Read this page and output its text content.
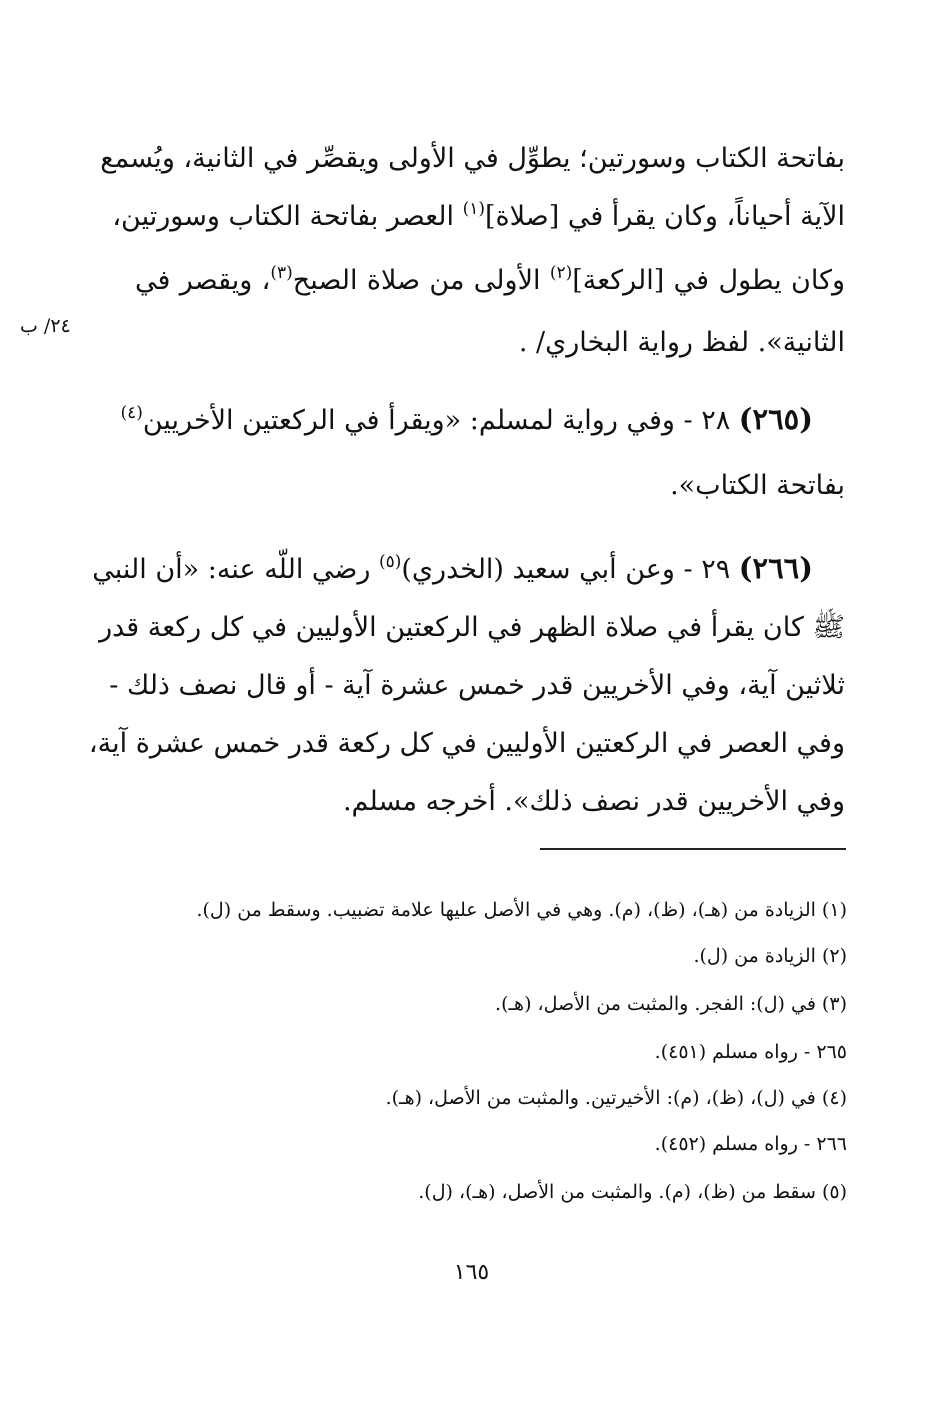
٢٤/ ب
بفاتحة الكتاب وسورتين؛ يطوِّل في الأولى ويقصِّر في الثانية، ويُسمع
الآية أحياناً، وكان يقرأ في [صلاة]$^{(١)}$ العصر بفاتحة الكتاب وسورتين،
وكان يطول في [الركعة]$^{(٢)}$ الأولى من صلاة الصبح$^{(٣)}$، ويقصر في
الثانية». لفظ رواية البخاري/ .
(٢٦٥) ٢٨ - وفي رواية لمسلم: «ويقرأ في الركعتين الأخريين$^{(٤)}$
بفاتحة الكتاب».
(٢٦٦) ٢٩ - وعن أبي سعيد (الخدري)$^{(٥)}$ رضي اللّه عنه: «أن النبي
ﷺ كان يقرأ في صلاة الظهر في الركعتين الأوليين في كل ركعة قدر
ثلاثين آية، وفي الأخريين قدر خمس عشرة آية - أو قال نصف ذلك -
وفي العصر في الركعتين الأوليين في كل ركعة قدر خمس عشرة آية،
وفي الأخريين قدر نصف ذلك». أخرجه مسلم.
(١) الزيادة من (هـ)، (ظ)، (م). وهي في الأصل عليها علامة تضبيب. وسقط من (ل).
(٢) الزيادة من (ل).
(٣) في (ل): الفجر. والمثبت من الأصل، (هـ).
٢٦٥ - رواه مسلم (٤٥١).
(٤) في (ل)، (ظ)، (م): الأخيرتين. والمثبت من الأصل، (هـ).
٢٦٦ - رواه مسلم (٤٥٢).
(٥) سقط من (ظ)، (م). والمثبت من الأصل، (هـ)، (ل).
١٦٥
